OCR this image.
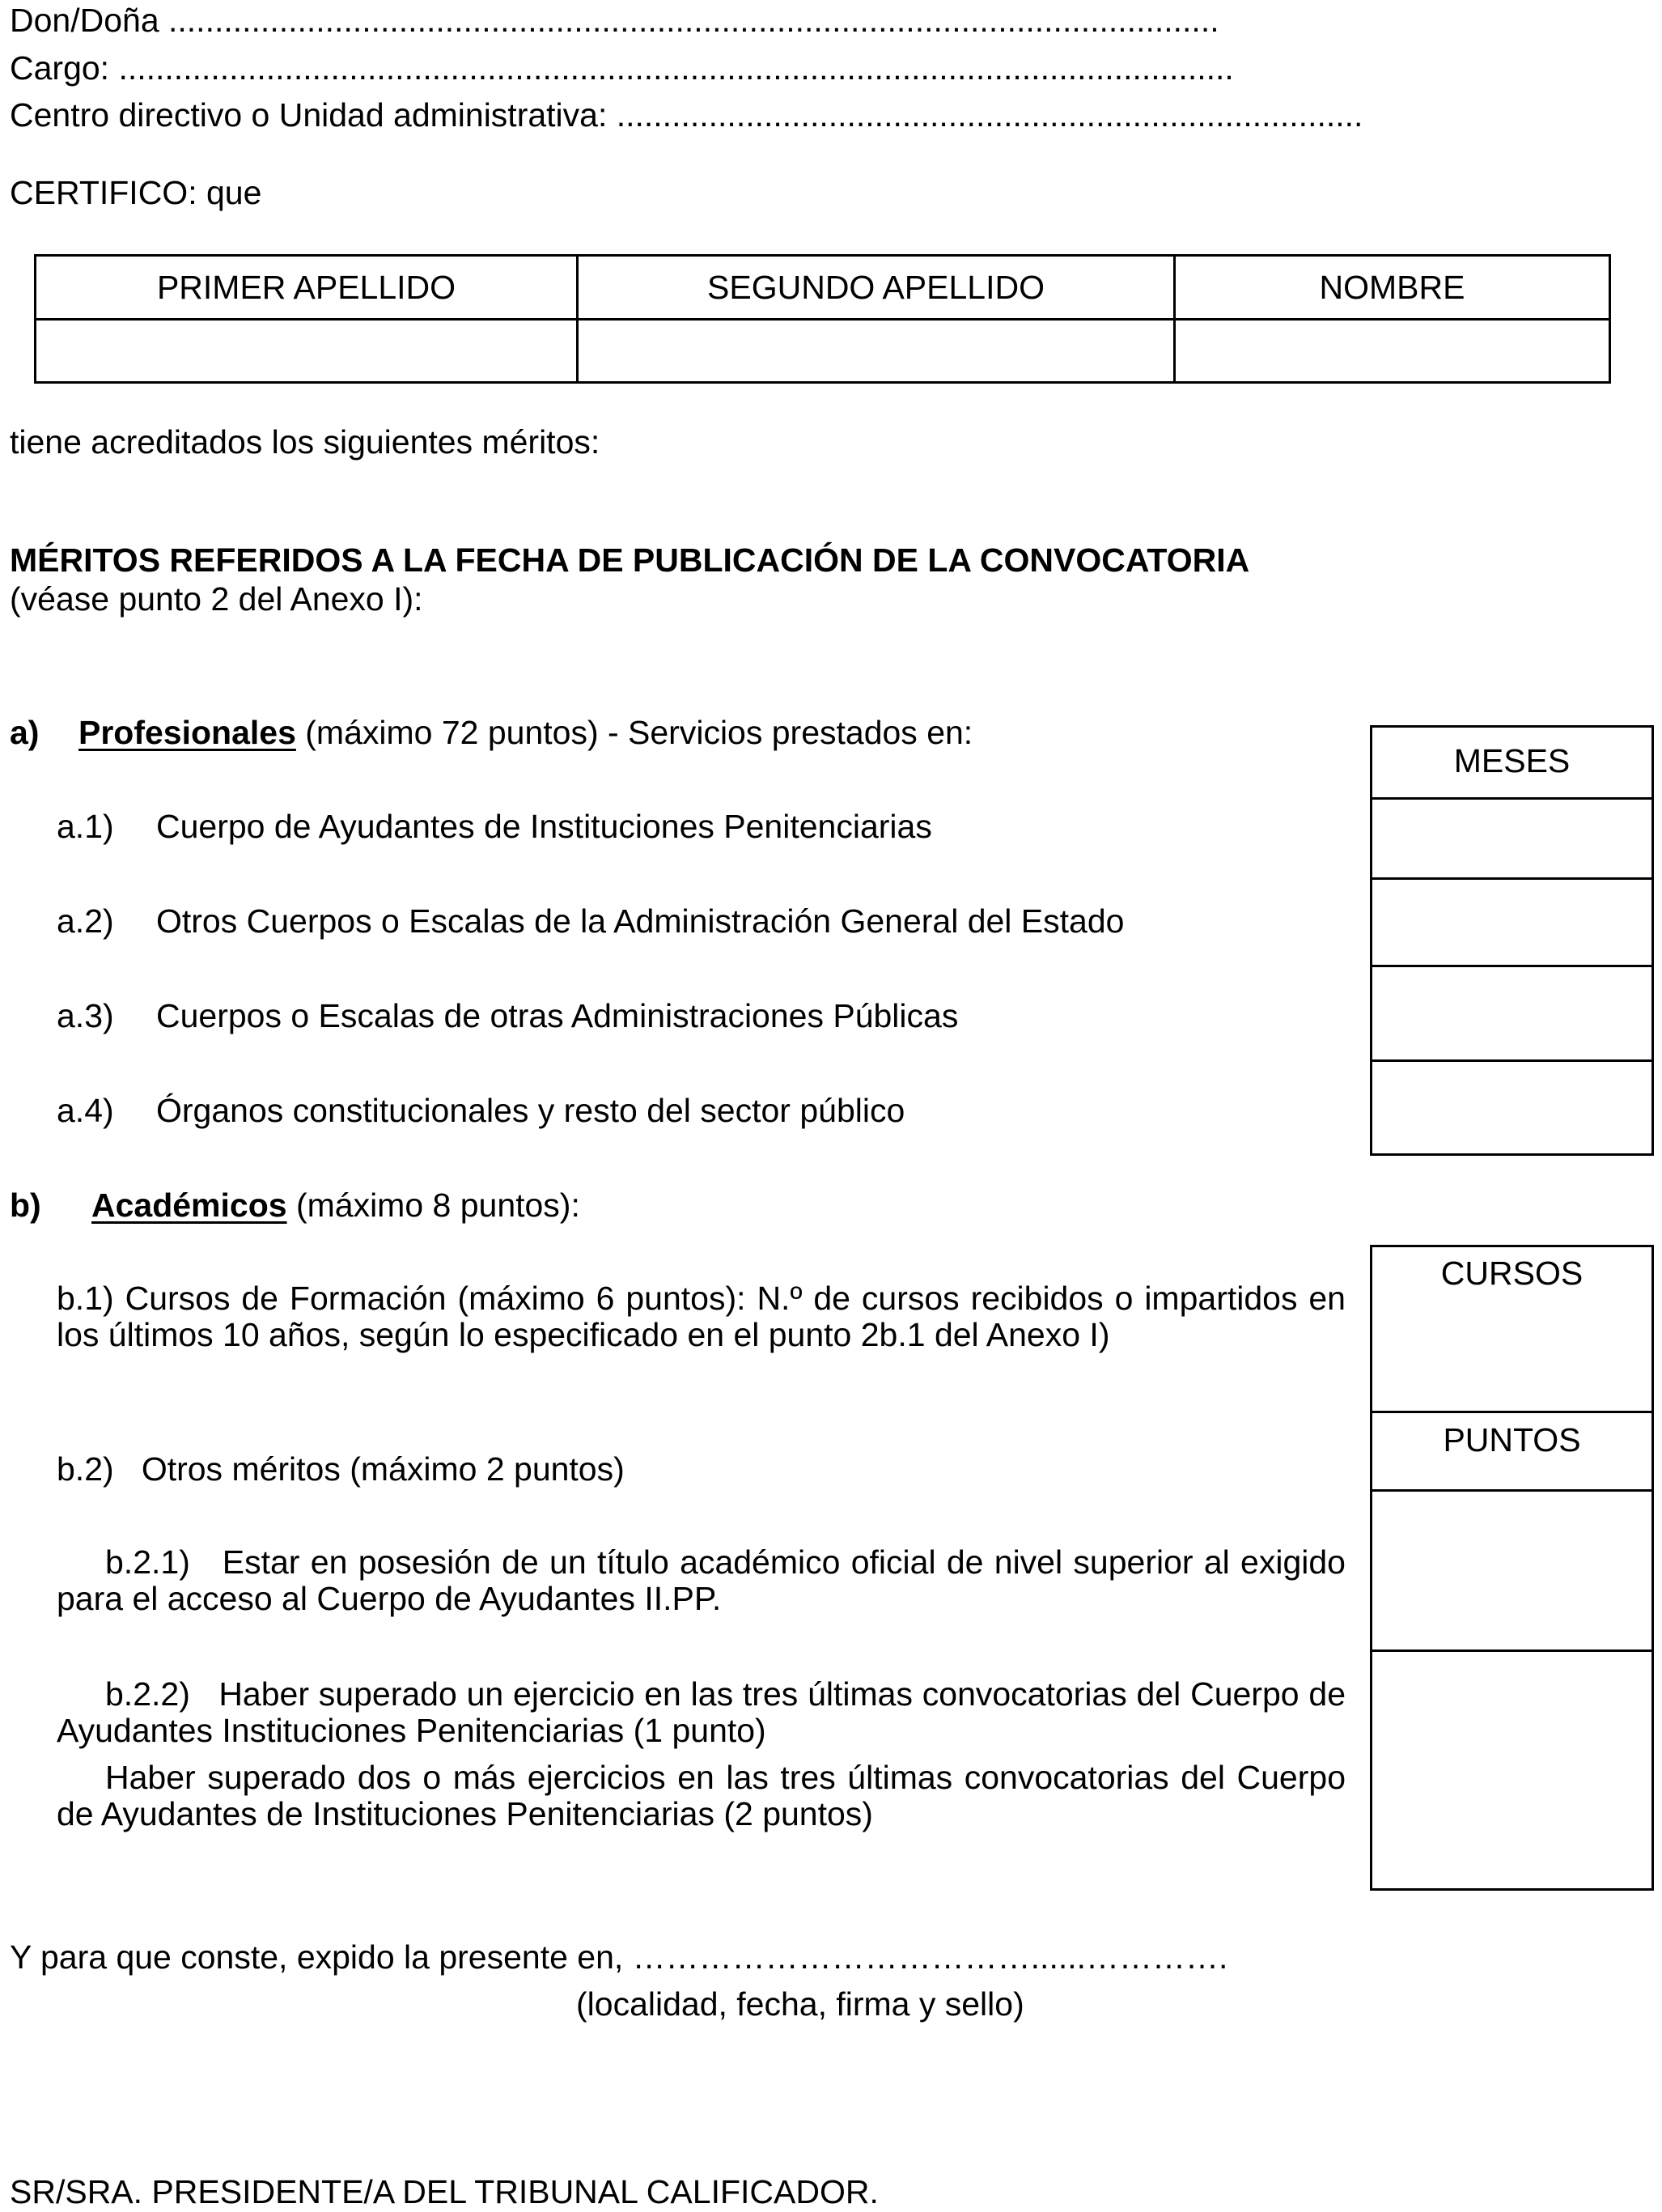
Don/Doña ..................................................................................................................
Cargo: .........................................................................................................................
Centro directivo o Unidad administrativa: .................................................................................
CERTIFICO: que
PRIMER APELLIDO	SEGUNDO APELLIDO	NOMBRE

tiene acreditados los siguientes méritos:
MÉRITOS REFERIDOS A LA FECHA DE PUBLICACIÓN DE LA CONVOCATORIA
(véase punto 2 del Anexo I):
a) Profesionales (máximo 72 puntos) - Servicios prestados en:
a.1) Cuerpo de Ayudantes de Instituciones Penitenciarias
a.2) Otros Cuerpos o Escalas de la Administración General del Estado
a.3) Cuerpos o Escalas de otras Administraciones Públicas
a.4) Órganos constitucionales y resto del sector público
MESES
b) Académicos (máximo 8 puntos):
b.1) Cursos de Formación (máximo 6 puntos): N.º de cursos recibidos o impartidos en los últimos 10 años, según lo especificado en el punto 2b.1 del Anexo I)
b.2)   Otros méritos (máximo 2 puntos)
b.2.1)   Estar en posesión de un título académico oficial de nivel superior al exigido para el acceso al Cuerpo de Ayudantes II.PP.
b.2.2)   Haber superado un ejercicio en las tres últimas convocatorias del Cuerpo de Ayudantes Instituciones Penitenciarias (1 punto)
Haber superado dos o más ejercicios en las tres últimas convocatorias del Cuerpo de Ayudantes de Instituciones Penitenciarias (2 puntos)
CURSOS
PUNTOS
Y para que conste, expido la presente en, ………………………………......………….
(localidad, fecha, firma y sello)
SR/SRA. PRESIDENTE/A DEL TRIBUNAL CALIFICADOR.
